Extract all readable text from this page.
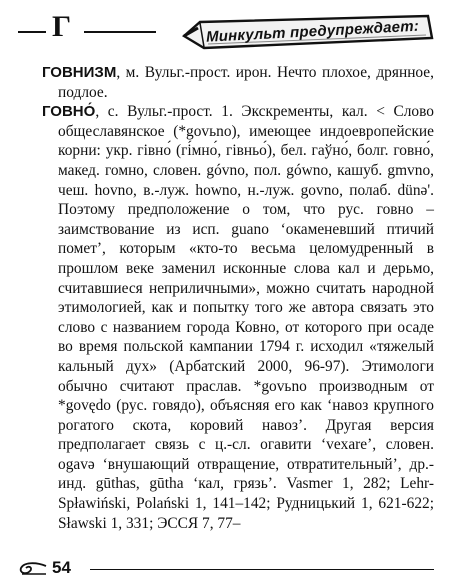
Г	Минкульт предупреждает:

ГОВНИЗМ, м. Вульг.-прост. ирон. Нечто плохое, дрянное, подлое.

ГОВНО́, с. Вульг.-прост. 1. Экскременты, кал. < Слово общеславянское (*govьno), имеющее индоевропейские корни: укр. гівно́ (гі́мно́, гівньо́), бел. гаўно́, болг. говно́, макед. гомно, словен. góvno, пол. gówno, кашуб. gmvno, чеш. hovno, в.-луж. howno, н.-луж. govno, полаб. dünə'. Поэтому предположение о том, что рус. говно – заимствование из исп. guano ‘окаменевший птичий помет’, которым «кто-то весьма целомудренный в прошлом веке заменил исконные слова кал и дерьмо, считавшиеся неприличными», можно считать народной этимологией, как и попытку того же автора связать это слово с названием города Ковно, от которого при осаде во время польской кампании 1794 г. исходил «тяжелый кальный дух» (Арбатский 2000, 96-97). Этимологи обычно считают праслав. *govьno производным от *govędo (рус. говядо), объясняя его как ‘навоз крупного рогатого скота, коровий навоз’. Другая версия предполагает связь с ц.-сл. огавити ‘vexare’, словен. ogavə ‘внушающий отвращение, отвратительный’, др.-инд. gūthas, gūtha ‘кал, грязь’. Vasmer 1, 282; Lehr-Spławiński, Polański 1, 141–142; Рудницький 1, 621-622; Sławski 1, 331; ЭССЯ 7, 77–

54
